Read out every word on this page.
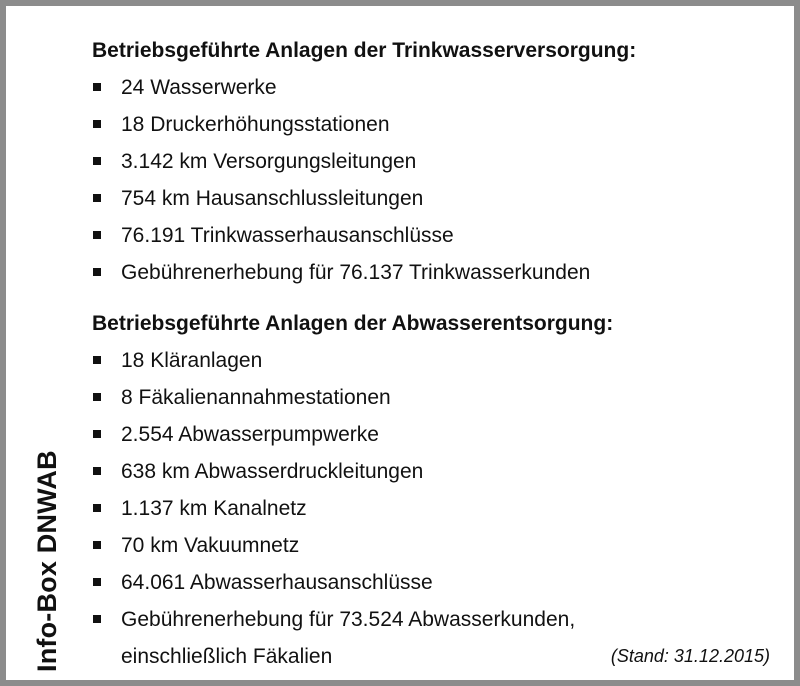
Info-Box DNWAB
Betriebsgeführte Anlagen der Trinkwasserversorgung:
24 Wasserwerke
18 Druckerhöhungsstationen
3.142 km Versorgungsleitungen
754 km Hausanschlussleitungen
76.191 Trinkwasserhausanschlüsse
Gebührenerhebung für 76.137 Trinkwasserkunden
Betriebsgeführte Anlagen der Abwasserentsorgung:
18 Kläranlagen
8 Fäkalienannahmestationen
2.554 Abwasserpumpwerke
638 km Abwasserdruckleitungen
1.137 km Kanalnetz
70 km Vakuumnetz
64.061 Abwasserhausanschlüsse
Gebührenerhebung für 73.524 Abwasserkunden,
einschließlich Fäkalien	(Stand: 31.12.2015)
